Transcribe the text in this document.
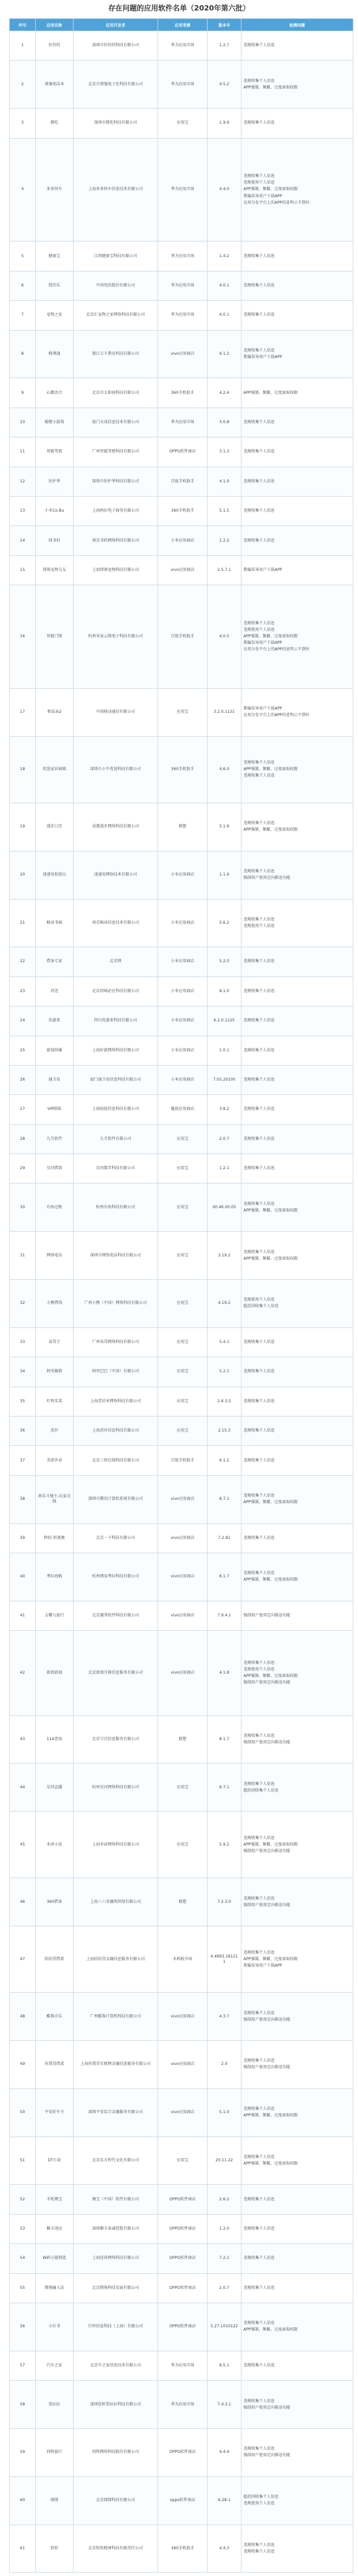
存在问题的应用软件名单（2020年第六批）
序号	应用名称	应用开发者	应用来源	版本号	检测问题
1	医约约	深圳市医约约科技有限公司	华为应用市场	1.2.7	违规收集个人信息

2	郑强电话本	北京市郑强电子化科技有限公司	华为应用市场	4.5.2	违规收集个人信息
APP强制、频繁、过度索取权限

3	微吃	深圳市微吃科技有限公司	应用宝	1.9.9	违规收集个人信息

4	多多快车	上海多多快车信息技术有限公司	华为应用市场	4.4.0	违规收集个人信息
违规使用个人信息
APP强制、频繁、过度索取权限
欺骗误导用户下载APP
应用分发平台上的APP信息明示不到位

5	健康宝	江西健康宝科技有限公司	华为应用市场	1.4.2	违规收集个人信息

6	简历乐	中国电信股份有限公司	华为应用市场	4.0.1	违规收集个人信息

7	宠物之家	北京汇宠物之家网络科技有限公司	华为应用市场	4.0.1	违规收集个人信息

8	购课通	浙江万千教育科技有限公司	vivo应用商店	9.1.2	违规收集个人信息
欺骗误导用户下载APP

9	心跳语音	北京市太阳海科技有限公司	360手机助手	4.2.4	APP强制、频繁、过度索取权限

10	暖橙小游戏	厦门天成信息技术有限公司	华为应用市场	3.0.8	违规收集个人信息

11	智能驾驶	广州智能驾驶科技有限公司	OPPO软件商店	3.1.3	违规收集个人信息

12	医护华	深圳市医护华科技有限公司	百度手机助手	4.1.0	违规收集个人信息

13	小米Co.Bu	上海阿拉电子商务有限公司	360手机助手	5.1.5	违规收集个人信息

14	找书的	南京书的网络科技有限公司	小米应用商店	1.2.2	违规收集个人信息

15	即刻宠物交友	上海即刻宠物科技有限公司	vivo应用商店	2.5.7.1	欺骗误导用户下载APP

16	智能门锁	杭州米家云锁电子科技有限公司	百度手机助手	4.0.5	违规收集个人信息
违规使用个人信息
APP强制、频繁、过度索取权限
欺骗误导用户下载APP
应用分发平台上的APP信息明示不到位

17	和家亲2	中国移动通信有限公司	应用宝	3.2.0.1131	欺骗误导用户下载APP
应用分发平台上的APP信息明示不到位

18	优选家居商城	深圳市小牛优选科技有限公司	360手机助手	4.6.0	违规收集个人信息
APP强制、频繁、过度索取权限
违规收集个人信息

19	漫步日历	成都漫步网络科技有限公司	联想	5.1.9	违规收集个人信息
APP强制、频繁、过度索取权限

20	速递易收银员	速递易网络技术有限公司	小米应用商店	1.1.9	违规收集个人信息
强制用户使用定向推送功能

21	畅读书城	南京畅读信息技术有限公司	小米应用商店	5.6.2	违规收集个人信息
违规使用个人信息

22	借条专家	北京网	小米应用商店	5.2.0	违规收集个人信息

23	闪送	北京同城必应科技有限公司	小米应用商店	8.1.0	违规收集个人信息

24	优惠来	四川优惠来科技有限公司	小米应用商店	6.2.0.1125	违规收集个人信息

25	游戏快爆	上海好游网络科技有限公司	小米应用商店	1.0.1	违规收集个人信息

26	通卫易	厦门通卫易信息科技有限公司	小米应用商店	7.05.20100	违规收集个人信息

27	VIP陪练	上海轻轻信息科技有限公司	魅族应用商店	3.8.2	违规收集个人信息

28	九月软件	九月软件有限公司	应用宝	2.0.7	违规收集个人信息

29	星河借款	星河数字科技有限公司	应用宝	1.2.1	违规收集个人信息

30	有鱼记账	杭州有鱼科技有限公司	应用宝	00.46.00.05	违规收集个人信息
APP强制、频繁、过度索取权限

31	网络电话	深圳市网络电话科技有限公司	应用宝	3.19.2	违规收集个人信息
APP强制、频繁、过度索取权限

32	小熊借钱	广州小熊（中国）网络科技有限公司	应用宝	4.19.2	违规使用个人信息
超范围收集个人信息

33	易贷王	广州易贷网络科技有限公司	应用宝	5.4.1	违规收集个人信息

34	阿里邮箱	阿里巴巴（中国）有限公司	应用宝	5.2.1	违规收集个人信息

35	叮咚买菜	上海壹佰米网络科技有限公司	应用宝	2.6.3.5	违规收集个人信息

36	虎扑	上海虎扑信息科技有限公司	应用宝	2.15.3	违规收集个人信息

37	美团外卖	北京三快在线科技有限公司	百度手机助手	6.1.2	违规收集个人信息

38	欢乐斗地主-玩家在线	深圳市腾讯计算机系统有限公司	vivo应用商店	8.7.1	违规收集个人信息
APP强制、频繁、过度索取权限

39	秒拍-短视频	北京一下科技有限公司	vivo应用商店	7.2.81	违规收集个人信息

40	考拉海购	杭州网易考拉科技有限公司	vivo应用商店	6.1.7	违规收集个人信息
APP强制、频繁、过度索取权限

41	去哪儿旅行	北京趣拿软件科技有限公司	vivo应用商店	7.9.4.1	强制用户使用定向推送功能

42	新浪新闻	北京新浪互联信息服务有限公司	vivo应用商店	4.1.8	违规收集个人信息
违规使用个人信息
APP强制、频繁、过度索取权限
强制用户使用定向推送功能

43	114查询	北京号百信息服务有限公司	联想	8.1.7	违规收集个人信息
强制用户使用定向推送功能

44	星河直播	杭州星河网络科技有限公司	应用宝	6.7.1	违规收集个人信息
超范围收集个人信息

45	米读小说	上海米读网络科技有限公司	应用宝	5.9.2	违规收集个人信息
APP强制、频繁、过度索取权限
强制用户使用定向推送功能

46	360借条	上海三六零融资担保有限公司	联想	7.2.3.0	违规收集个人信息
强制用户使用定向推送功能

47	拍拍贷借款	上海拍拍贷金融信息服务有限公司	木蚂蚁市场	4.4993.181211	违规收集个人信息
APP强制、频繁、过度索取权限
欺骗误导用户下载APP

48	酷狗音乐	广州酷狗计算机科技有限公司	vivo应用商店	4.3.7	违规收集个人信息
强制用户使用定向推送功能

49	你我贷借款	上海你我贷互联网金融信息服务有限公司	vivo应用商店	2.0	违规收集个人信息
强制用户使用定向推送功能

50	平安好车主	深圳平安综合金融服务有限公司	vivo应用商店	5.1.0	违规收集个人信息
APP强制、频繁、过度索取权限

51	DT小说	北京东方时代文化有限公司	应用宝	20.11.22	违规收集个人信息
APP强制、频繁、过度索取权限

52	手机淘宝	淘宝（中国）软件有限公司	OPPO软件商店	2.6.2	违规收集个人信息

53	顺丰速运	深圳顺丰泰森控股有限公司	OPPO软件商店	1.2.0	违规收集个人信息

54	WiFi万能钥匙	上海连尚网络科技有限公司	OPPO软件商店	7.2.1	违规收集个人信息

55	搜狗输入法	北京搜狗科技发展有限公司	OPPO软件商店	2.0.7	违规收集个人信息

56	小红书	行吟信息科技（上海）有限公司	OPPO软件商店	5.27.1010122	违规收集个人信息
APP强制、频繁、过度索取权限

57	汽车之家	北京车之家信息技术有限公司	华为应用市场	8.5.1	违规收集个人信息

58	货拉拉	深圳依时货拉拉科技有限公司	华为应用市场	7.4.3.1	违规收集个人信息
强制用户使用定向推送功能

59	同程旅行	同程网络科技股份有限公司	OPPO软件商店	4.4.4	违规收集个人信息
强制用户使用定向推送功能

60	探探	北京探探科技有限公司	oppo软件商店	6.28.1	超范围收集个人信息
违规使用个人信息

61	转转	北京转转精神科技有限责任公司	360手机助手	4.4.3	违规收集个人信息
违规收集个人信息
